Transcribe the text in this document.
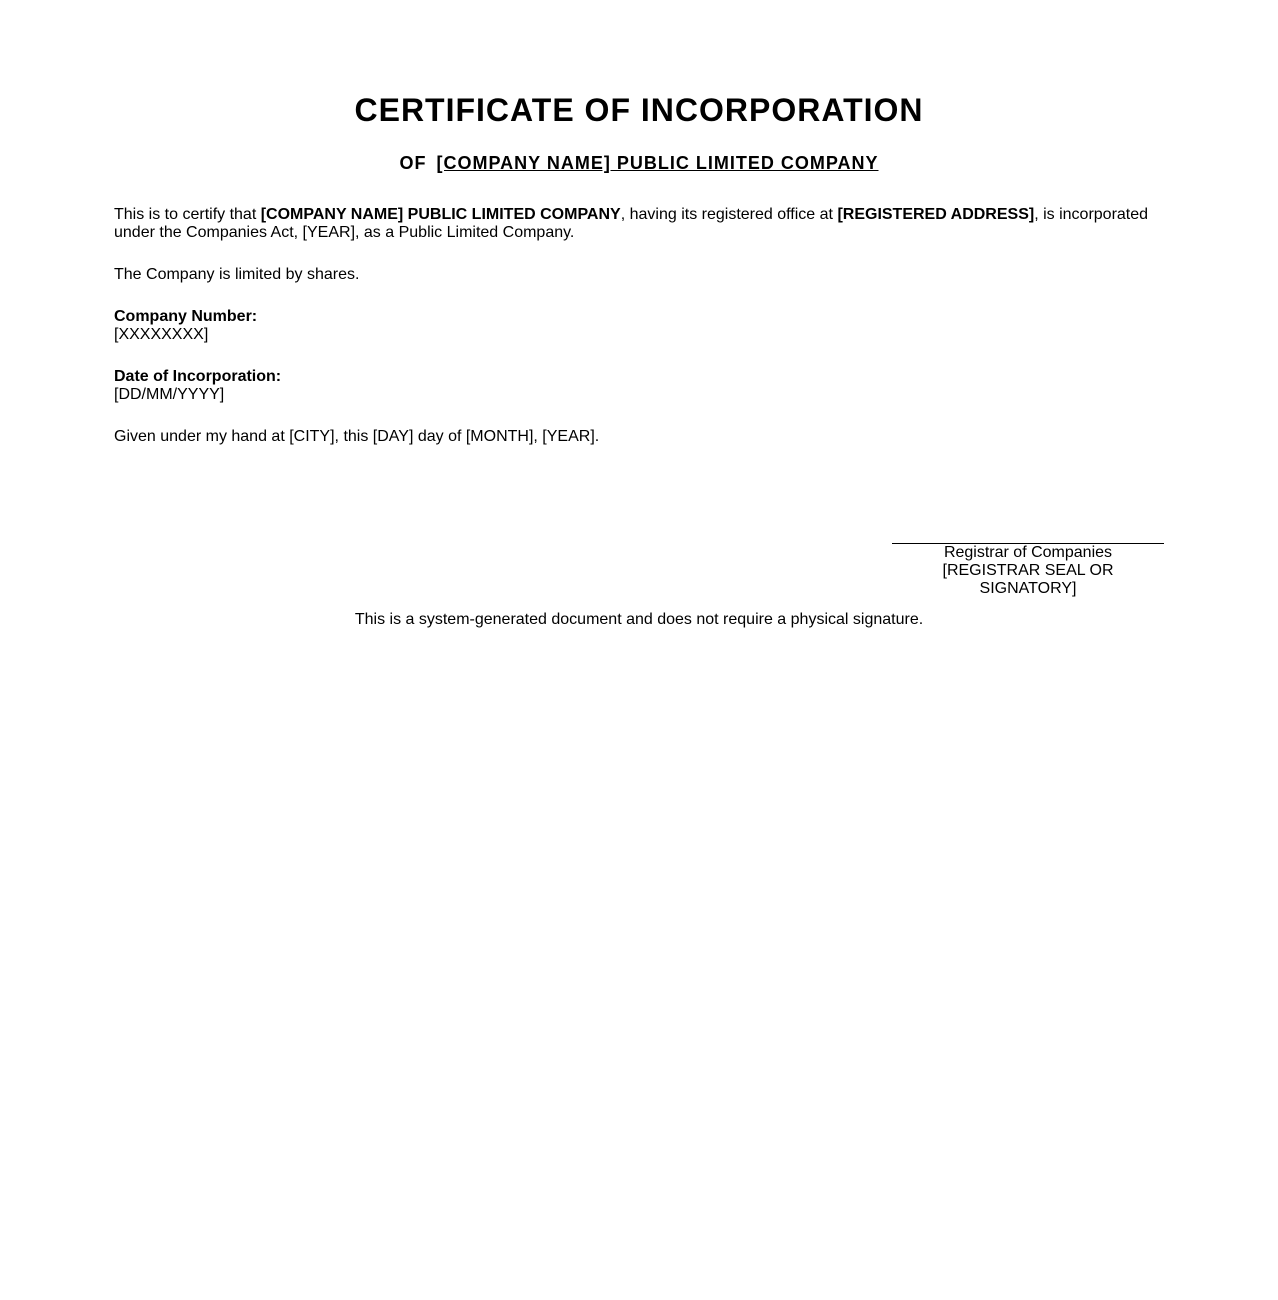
CERTIFICATE OF INCORPORATION
OF [COMPANY NAME] PUBLIC LIMITED COMPANY

This is to certify that [COMPANY NAME] PUBLIC LIMITED COMPANY, having its registered office at [REGISTERED ADDRESS], is incorporated under the Companies Act, [YEAR], as a Public Limited Company.

The Company is limited by shares.

Company Number:
[XXXXXXXX]

Date of Incorporation:
[DD/MM/YYYY]

Given under my hand at [CITY], this [DAY] day of [MONTH], [YEAR].

Registrar of Companies
[REGISTRAR SEAL OR SIGNATORY]
This is a system-generated document and does not require a physical signature.
